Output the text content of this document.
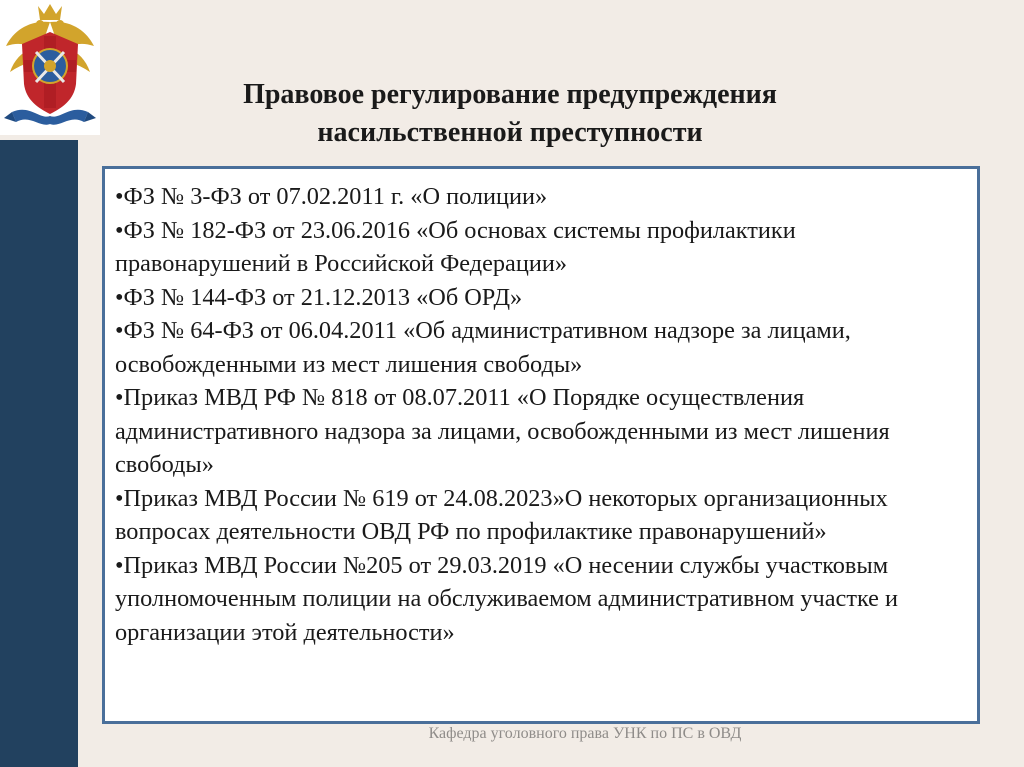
Правовое регулирование предупреждения
насильственной преступности

•ФЗ № 3-ФЗ от 07.02.2011 г. «О полиции»

•ФЗ № 182-ФЗ от 23.06.2016 «Об основах системы профилактики правонарушений в Российской Федерации»

•ФЗ № 144-ФЗ от 21.12.2013 «Об ОРД»

•ФЗ № 64-ФЗ от 06.04.2011 «Об административном надзоре за лицами, освобожденными из мест лишения свободы»

•Приказ МВД РФ № 818 от 08.07.2011 «О Порядке осуществления административного надзора за лицами, освобожденными из мест лишения свободы»

•Приказ МВД России № 619 от 24.08.2023»О некоторых организационных вопросах деятельности ОВД РФ по профилактике правонарушений»

•Приказ МВД России №205 от 29.03.2019 «О несении службы участковым уполномоченным полиции на обслуживаемом административном участке и организации этой деятельности»

Кафедра уголовного права УНК по ПС в ОВД
